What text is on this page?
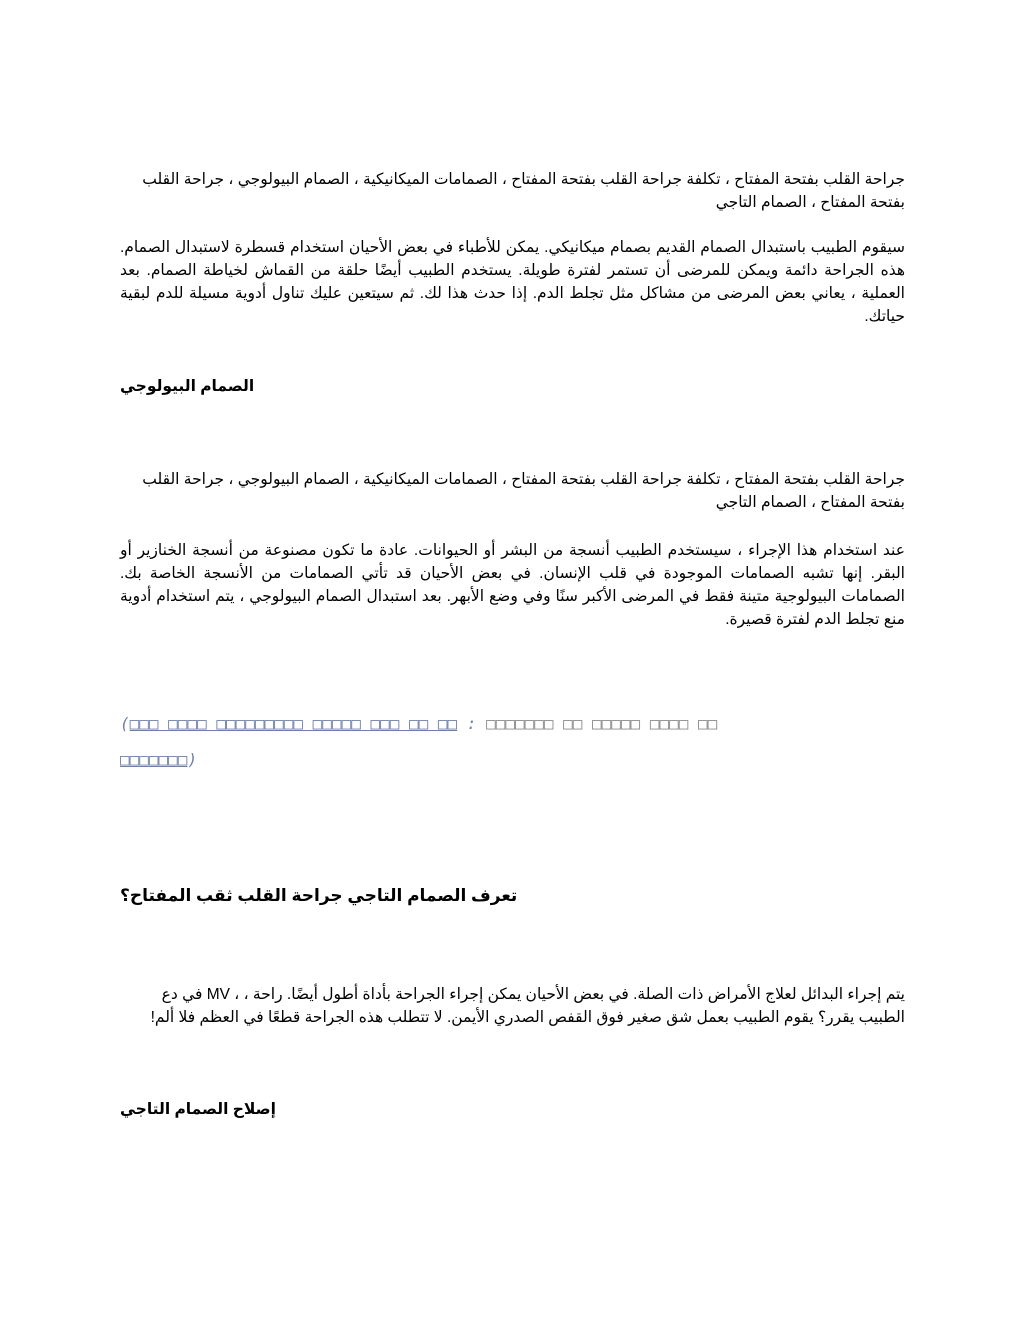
جراحة القلب بفتحة المفتاح ، تكلفة جراحة القلب بفتحة المفتاح ، الصمامات الميكانيكية ، الصمام البيولوجي ، جراحة القلب بفتحة المفتاح ، الصمام التاجي

سيقوم الطبيب باستبدال الصمام القديم بصمام ميكانيكي. يمكن للأطباء في بعض الأحيان استخدام قسطرة لاستبدال الصمام. هذه الجراحة دائمة ويمكن للمرضى أن تستمر لفترة طويلة. يستخدم الطبيب أيضًا حلقة من القماش لخياطة الصمام. بعد العملية ، يعاني بعض المرضى من مشاكل مثل تجلط الدم. إذا حدث هذا لك. ثم سيتعين عليك تناول أدوية مسيلة للدم لبقية حياتك.

الصمام البيولوجي

جراحة القلب بفتحة المفتاح ، تكلفة جراحة القلب بفتحة المفتاح ، الصمامات الميكانيكية ، الصمام البيولوجي ، جراحة القلب بفتحة المفتاح ، الصمام التاجي

عند استخدام هذا الإجراء ، سيستخدم الطبيب أنسجة من البشر أو الحيوانات. عادة ما تكون مصنوعة من أنسجة الخنازير أو البقر. إنها تشبه الصمامات الموجودة في قلب الإنسان. في بعض الأحيان قد تأتي الصمامات من الأنسجة الخاصة بك. الصمامات البيولوجية متينة فقط في المرضى الأكبر سنًا وفي وضع الأبهر. بعد استبدال الصمام البيولوجي ، يتم استخدام أدوية منع تجلط الدم لفترة قصيرة.

(□□□ □□□□ □□□□□□□□□ □□□□□ □□□ □□ □□ : □□□□□□□ □□ □□□□□ □□□□ □□
□□□□□□□)
تعرف الصمام التاجي جراحة القلب ثقب المفتاح؟

يتم إجراء البدائل لعلاج الأمراض ذات الصلة. في بعض الأحيان يمكن إجراء الجراحة بأداة أطول أيضًا. راحة ، ، MV في دع الطبيب يقرر؟ يقوم الطبيب بعمل شق صغير فوق القفص الصدري الأيمن. لا تتطلب هذه الجراحة قطعًا في العظم فلا ألم!

إصلاح الصمام التاجي
